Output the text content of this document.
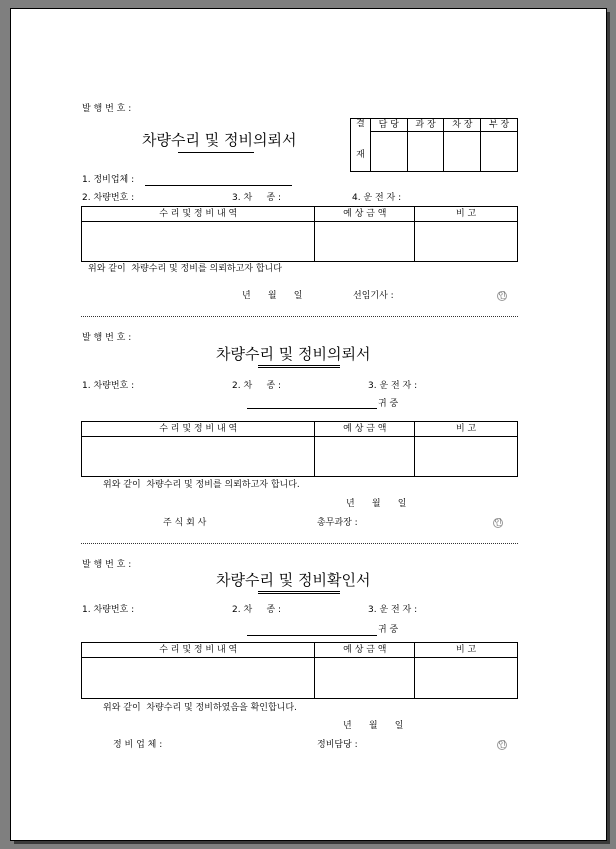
발 행 번 호 :
차량수리 및 정비의뢰서
결
재	담 당	과 장	차 장	부 장

1. 정비업체 :
2. 차량번호 :	3. 차     종 :	4. 운 전 자 :
수 리 및 정 비 내 역	예 상 금 액	비 고

위와 같이  차량수리 및 정비를 의뢰하고자 합니다
년      월      일	선임기사 :	인
발 행 번 호 :
차량수리 및 정비의뢰서
1. 차량번호 :	2. 차     종 :	3. 운 전 자 :
귀 중
수 리 및 정 비 내 역	예 상 금 액	비 고

위와 같이  차량수리 및 정비를 의뢰하고자 합니다.
년      월      일
주 식 회 사	총무과장 :	인
발 행 번 호 :
차량수리 및 정비확인서
1. 차량번호 :	2. 차     종 :	3. 운 전 자 :
귀 중
수 리 및 정 비 내 역	예 상 금 액	비 고

위와 같이  차량수리 및 정비하였음을 확인합니다.
년      월      일
정 비 업 체 :	정비담당 :	인
